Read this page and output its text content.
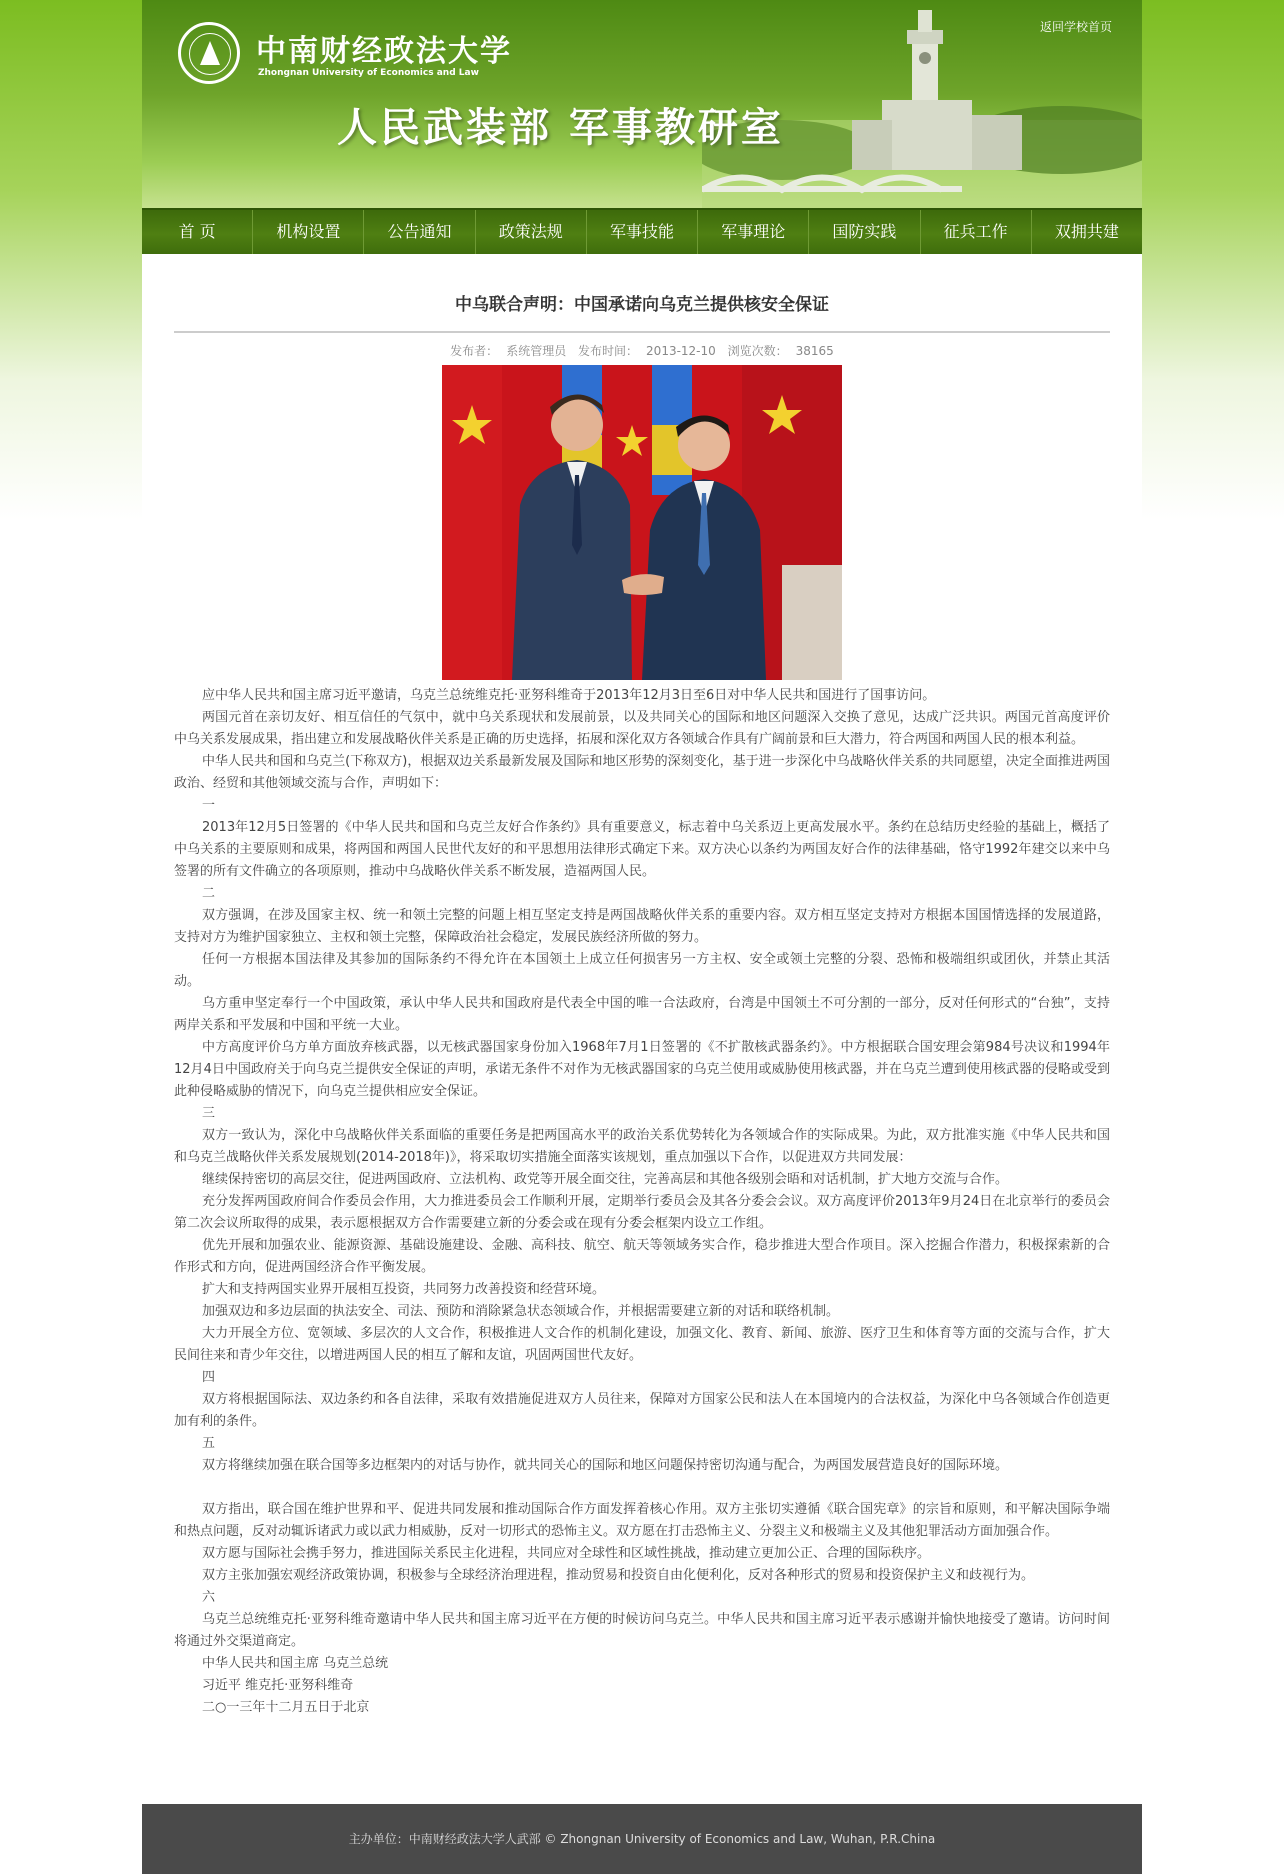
中南财经政法大学
Zhongnan University of Economics and Law
返回学校首页
人民武装部 军事教研室
首 页	机构设置	公告通知	政策法规	军事技能	军事理论	国防实践	征兵工作	双拥共建
中乌联合声明：中国承诺向乌克兰提供核安全保证
发布者： 系统管理员 发布时间： 2013-12-10 浏览次数： 38165

应中华人民共和国主席习近平邀请，乌克兰总统维克托·亚努科维奇于2013年12月3日至6日对中华人民共和国进行了国事访问。

两国元首在亲切友好、相互信任的气氛中，就中乌关系现状和发展前景，以及共同关心的国际和地区问题深入交换了意见，达成广泛共识。两国元首高度评价中乌关系发展成果，指出建立和发展战略伙伴关系是正确的历史选择，拓展和深化双方各领域合作具有广阔前景和巨大潜力，符合两国和两国人民的根本利益。

中华人民共和国和乌克兰(下称双方)，根据双边关系最新发展及国际和地区形势的深刻变化，基于进一步深化中乌战略伙伴关系的共同愿望，决定全面推进两国政治、经贸和其他领域交流与合作，声明如下：

一

2013年12月5日签署的《中华人民共和国和乌克兰友好合作条约》具有重要意义，标志着中乌关系迈上更高发展水平。条约在总结历史经验的基础上，概括了中乌关系的主要原则和成果，将两国和两国人民世代友好的和平思想用法律形式确定下来。双方决心以条约为两国友好合作的法律基础，恪守1992年建交以来中乌签署的所有文件确立的各项原则，推动中乌战略伙伴关系不断发展，造福两国人民。

二

双方强调，在涉及国家主权、统一和领土完整的问题上相互坚定支持是两国战略伙伴关系的重要内容。双方相互坚定支持对方根据本国国情选择的发展道路，支持对方为维护国家独立、主权和领土完整，保障政治社会稳定，发展民族经济所做的努力。

任何一方根据本国法律及其参加的国际条约不得允许在本国领土上成立任何损害另一方主权、安全或领土完整的分裂、恐怖和极端组织或团伙，并禁止其活动。

乌方重申坚定奉行一个中国政策，承认中华人民共和国政府是代表全中国的唯一合法政府，台湾是中国领土不可分割的一部分，反对任何形式的“台独”，支持两岸关系和平发展和中国和平统一大业。

中方高度评价乌方单方面放弃核武器，以无核武器国家身份加入1968年7月1日签署的《不扩散核武器条约》。中方根据联合国安理会第984号决议和1994年12月4日中国政府关于向乌克兰提供安全保证的声明，承诺无条件不对作为无核武器国家的乌克兰使用或威胁使用核武器，并在乌克兰遭到使用核武器的侵略或受到此种侵略威胁的情况下，向乌克兰提供相应安全保证。

三

双方一致认为，深化中乌战略伙伴关系面临的重要任务是把两国高水平的政治关系优势转化为各领域合作的实际成果。为此，双方批准实施《中华人民共和国和乌克兰战略伙伴关系发展规划(2014-2018年)》，将采取切实措施全面落实该规划，重点加强以下合作，以促进双方共同发展：

继续保持密切的高层交往，促进两国政府、立法机构、政党等开展全面交往，完善高层和其他各级别会晤和对话机制，扩大地方交流与合作。

充分发挥两国政府间合作委员会作用，大力推进委员会工作顺利开展，定期举行委员会及其各分委会会议。双方高度评价2013年9月24日在北京举行的委员会第二次会议所取得的成果，表示愿根据双方合作需要建立新的分委会或在现有分委会框架内设立工作组。

优先开展和加强农业、能源资源、基础设施建设、金融、高科技、航空、航天等领域务实合作，稳步推进大型合作项目。深入挖掘合作潜力，积极探索新的合作形式和方向，促进两国经济合作平衡发展。

扩大和支持两国实业界开展相互投资，共同努力改善投资和经营环境。

加强双边和多边层面的执法安全、司法、预防和消除紧急状态领域合作，并根据需要建立新的对话和联络机制。

大力开展全方位、宽领域、多层次的人文合作，积极推进人文合作的机制化建设，加强文化、教育、新闻、旅游、医疗卫生和体育等方面的交流与合作，扩大民间往来和青少年交往，以增进两国人民的相互了解和友谊，巩固两国世代友好。

四

双方将根据国际法、双边条约和各自法律，采取有效措施促进双方人员往来，保障对方国家公民和法人在本国境内的合法权益，为深化中乌各领域合作创造更加有利的条件。

五

双方将继续加强在联合国等多边框架内的对话与协作，就共同关心的国际和地区问题保持密切沟通与配合，为两国发展营造良好的国际环境。

双方指出，联合国在维护世界和平、促进共同发展和推动国际合作方面发挥着核心作用。双方主张切实遵循《联合国宪章》的宗旨和原则，和平解决国际争端和热点问题，反对动辄诉诸武力或以武力相威胁，反对一切形式的恐怖主义。双方愿在打击恐怖主义、分裂主义和极端主义及其他犯罪活动方面加强合作。

双方愿与国际社会携手努力，推进国际关系民主化进程，共同应对全球性和区域性挑战，推动建立更加公正、合理的国际秩序。

双方主张加强宏观经济政策协调，积极参与全球经济治理进程，推动贸易和投资自由化便利化，反对各种形式的贸易和投资保护主义和歧视行为。

六

乌克兰总统维克托·亚努科维奇邀请中华人民共和国主席习近平在方便的时候访问乌克兰。中华人民共和国主席习近平表示感谢并愉快地接受了邀请。访问时间将通过外交渠道商定。

中华人民共和国主席 乌克兰总统

习近平 维克托·亚努科维奇

二○一三年十二月五日于北京

主办单位：中南财经政法大学人武部 © Zhongnan University of Economics and Law, Wuhan, P.R.China
